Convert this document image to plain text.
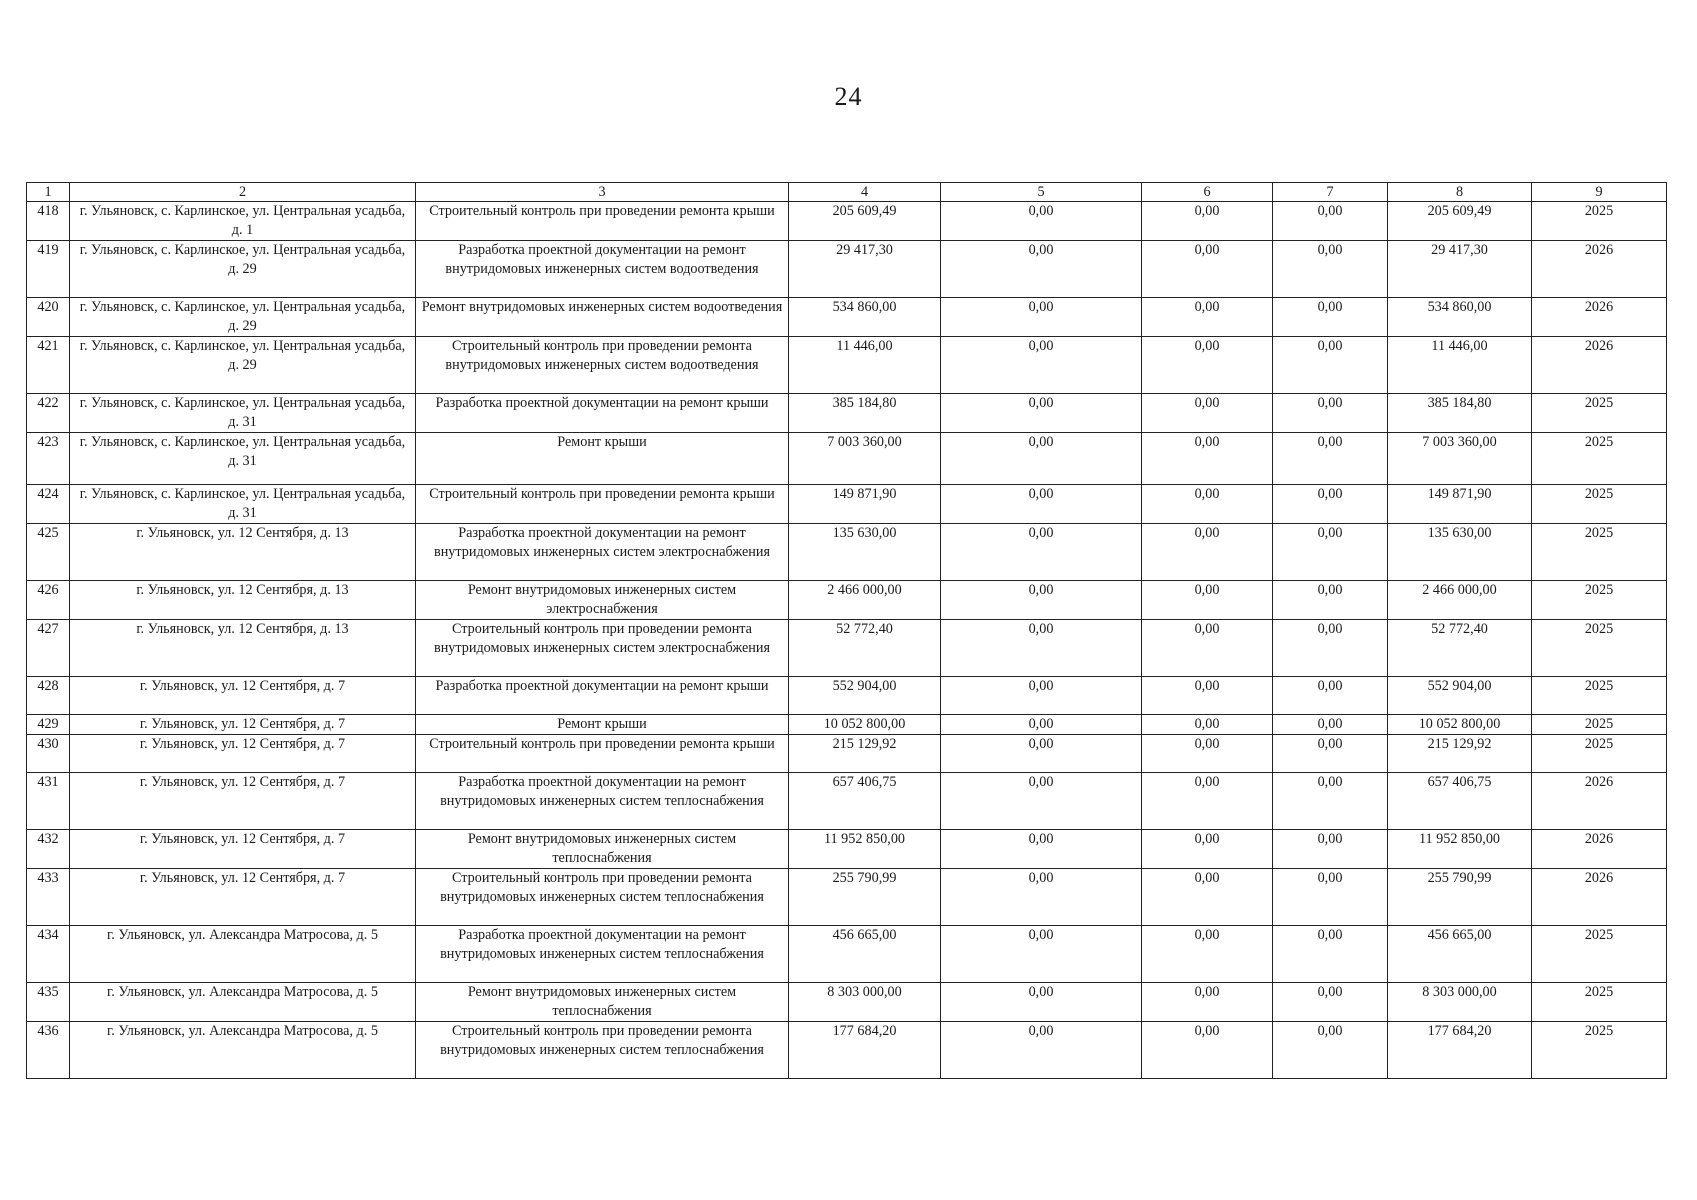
24
1	2	3	4	5	6	7	8	9
418	г. Ульяновск, с. Карлинское, ул. Центральная усадьба, д. 1	Строительный контроль при проведении ремонта крыши	205 609,49	0,00	0,00	0,00	205 609,49	2025
419	г. Ульяновск, с. Карлинское, ул. Центральная усадьба, д. 29	Разработка проектной документации на ремонт внутридомовых инженерных систем водоотведения	29 417,30	0,00	0,00	0,00	29 417,30	2026
420	г. Ульяновск, с. Карлинское, ул. Центральная усадьба, д. 29	Ремонт внутридомовых инженерных систем водоотведения	534 860,00	0,00	0,00	0,00	534 860,00	2026
421	г. Ульяновск, с. Карлинское, ул. Центральная усадьба, д. 29	Строительный контроль при проведении ремонта внутридомовых инженерных систем водоотведения	11 446,00	0,00	0,00	0,00	11 446,00	2026
422	г. Ульяновск, с. Карлинское, ул. Центральная усадьба, д. 31	Разработка проектной документации на ремонт крыши	385 184,80	0,00	0,00	0,00	385 184,80	2025
423	г. Ульяновск, с. Карлинское, ул. Центральная усадьба, д. 31	Ремонт крыши	7 003 360,00	0,00	0,00	0,00	7 003 360,00	2025
424	г. Ульяновск, с. Карлинское, ул. Центральная усадьба, д. 31	Строительный контроль при проведении ремонта крыши	149 871,90	0,00	0,00	0,00	149 871,90	2025
425	г. Ульяновск, ул. 12 Сентября, д. 13	Разработка проектной документации на ремонт внутридомовых инженерных систем электроснабжения	135 630,00	0,00	0,00	0,00	135 630,00	2025
426	г. Ульяновск, ул. 12 Сентября, д. 13	Ремонт внутридомовых инженерных систем электроснабжения	2 466 000,00	0,00	0,00	0,00	2 466 000,00	2025
427	г. Ульяновск, ул. 12 Сентября, д. 13	Строительный контроль при проведении ремонта внутридомовых инженерных систем электроснабжения	52 772,40	0,00	0,00	0,00	52 772,40	2025
428	г. Ульяновск, ул. 12 Сентября, д. 7	Разработка проектной документации на ремонт крыши	552 904,00	0,00	0,00	0,00	552 904,00	2025
429	г. Ульяновск, ул. 12 Сентября, д. 7	Ремонт крыши	10 052 800,00	0,00	0,00	0,00	10 052 800,00	2025
430	г. Ульяновск, ул. 12 Сентября, д. 7	Строительный контроль при проведении ремонта крыши	215 129,92	0,00	0,00	0,00	215 129,92	2025
431	г. Ульяновск, ул. 12 Сентября, д. 7	Разработка проектной документации на ремонт внутридомовых инженерных систем теплоснабжения	657 406,75	0,00	0,00	0,00	657 406,75	2026
432	г. Ульяновск, ул. 12 Сентября, д. 7	Ремонт внутридомовых инженерных систем теплоснабжения	11 952 850,00	0,00	0,00	0,00	11 952 850,00	2026
433	г. Ульяновск, ул. 12 Сентября, д. 7	Строительный контроль при проведении ремонта внутридомовых инженерных систем теплоснабжения	255 790,99	0,00	0,00	0,00	255 790,99	2026
434	г. Ульяновск, ул. Александра Матросова, д. 5	Разработка проектной документации на ремонт внутридомовых инженерных систем теплоснабжения	456 665,00	0,00	0,00	0,00	456 665,00	2025
435	г. Ульяновск, ул. Александра Матросова, д. 5	Ремонт внутридомовых инженерных систем теплоснабжения	8 303 000,00	0,00	0,00	0,00	8 303 000,00	2025
436	г. Ульяновск, ул. Александра Матросова, д. 5	Строительный контроль при проведении ремонта внутридомовых инженерных систем теплоснабжения	177 684,20	0,00	0,00	0,00	177 684,20	2025
